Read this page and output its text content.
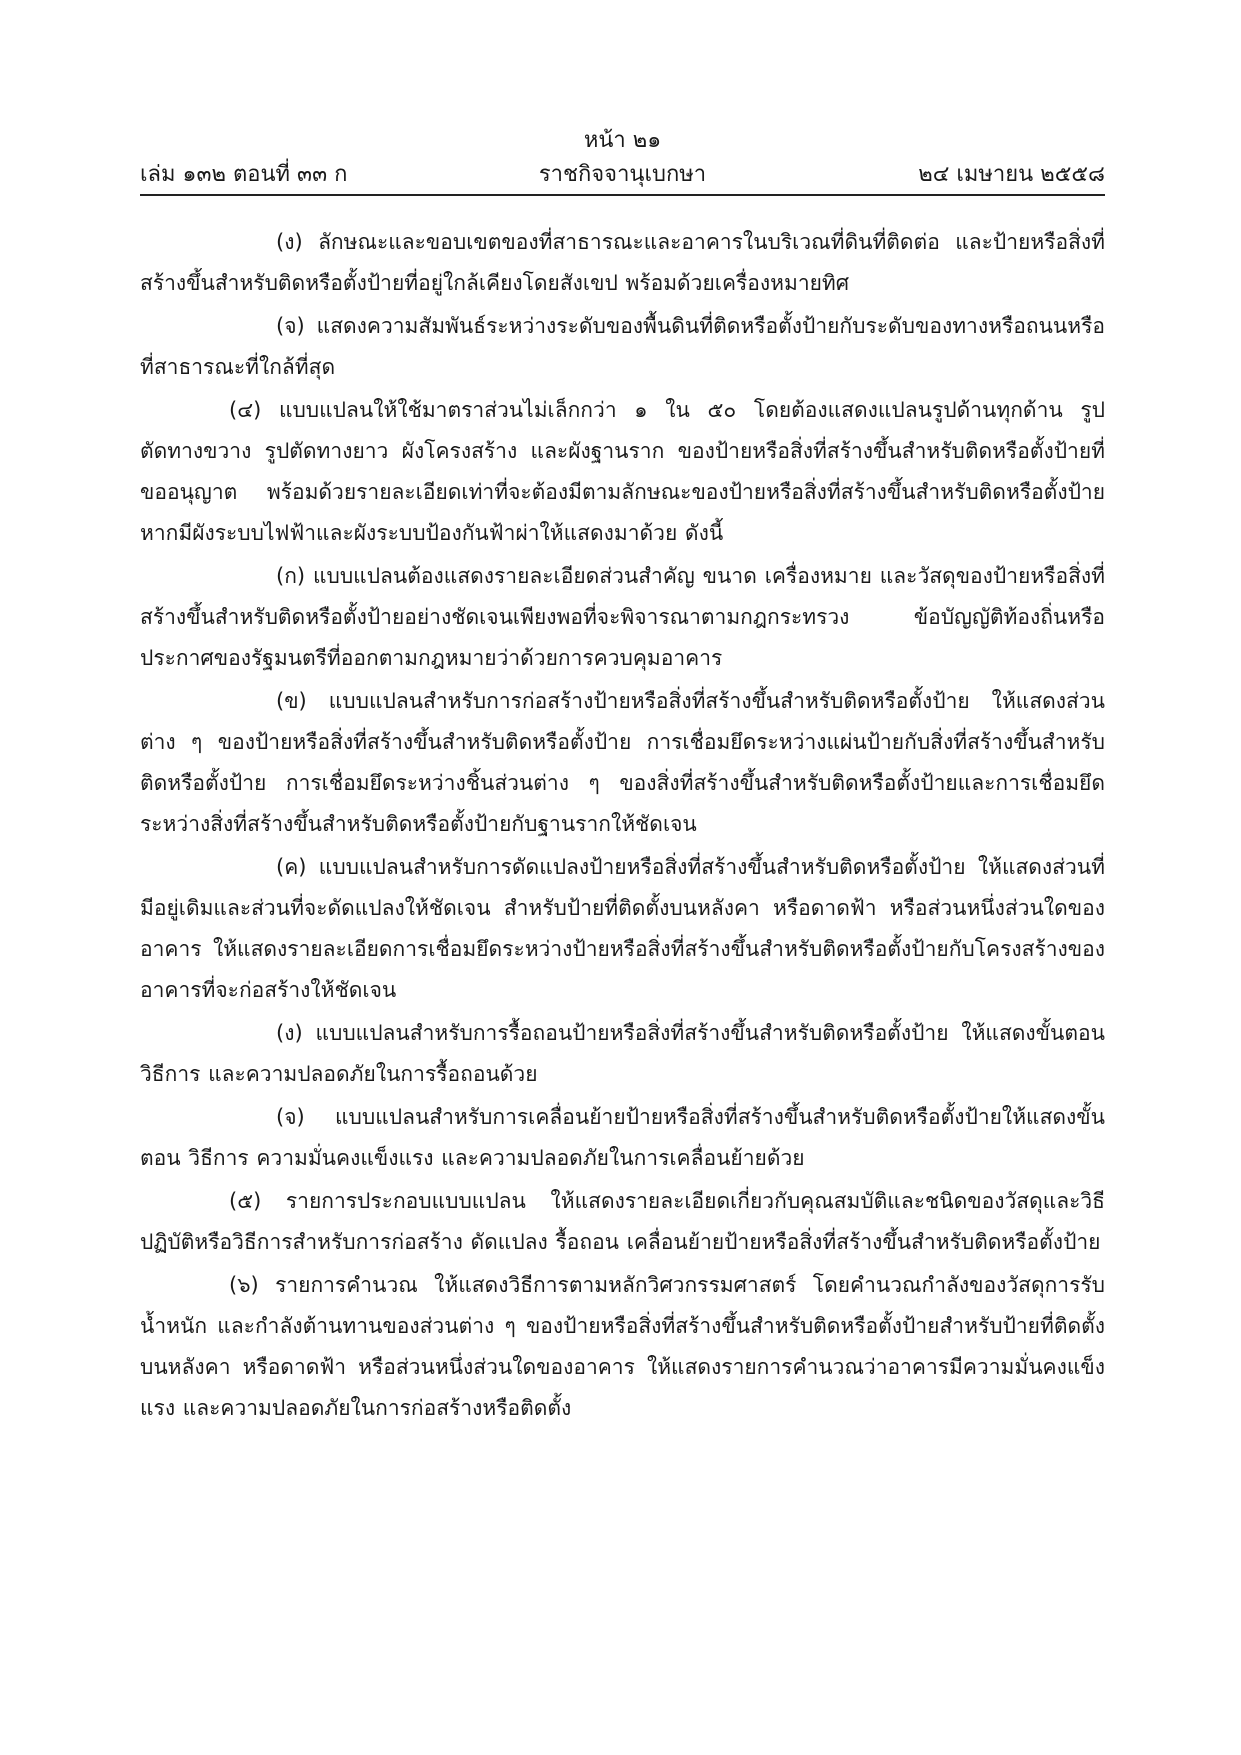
หน้า ๒๑
เล่ม ๑๓๒ ตอนที่ ๓๓ ก	ราชกิจจานุเบกษา	๒๔ เมษายน ๒๕๕๘

(ง) ลักษณะและขอบเขตของที่สาธารณะและอาคารในบริเวณที่ดินที่ติดต่อ และป้ายหรือสิ่งที่สร้างขึ้นสำหรับติดหรือตั้งป้ายที่อยู่ใกล้เคียงโดยสังเขป พร้อมด้วยเครื่องหมายทิศ

(จ) แสดงความสัมพันธ์ระหว่างระดับของพื้นดินที่ติดหรือตั้งป้ายกับระดับของทางหรือถนนหรือที่สาธารณะที่ใกล้ที่สุด

(๔) แบบแปลนให้ใช้มาตราส่วนไม่เล็กกว่า ๑ ใน ๕๐ โดยต้องแสดงแปลนรูปด้านทุกด้าน รูปตัดทางขวาง รูปตัดทางยาว ผังโครงสร้าง และผังฐานราก ของป้ายหรือสิ่งที่สร้างขึ้นสำหรับติดหรือตั้งป้ายที่ขออนุญาต พร้อมด้วยรายละเอียดเท่าที่จะต้องมีตามลักษณะของป้ายหรือสิ่งที่สร้างขึ้นสำหรับติดหรือตั้งป้าย หากมีผังระบบไฟฟ้าและผังระบบป้องกันฟ้าผ่าให้แสดงมาด้วย ดังนี้

(ก) แบบแปลนต้องแสดงรายละเอียดส่วนสำคัญ ขนาด เครื่องหมาย และวัสดุของป้ายหรือสิ่งที่สร้างขึ้นสำหรับติดหรือตั้งป้ายอย่างชัดเจนเพียงพอที่จะพิจารณาตามกฎกระทรวง ข้อบัญญัติท้องถิ่นหรือประกาศของรัฐมนตรีที่ออกตามกฎหมายว่าด้วยการควบคุมอาคาร

(ข) แบบแปลนสำหรับการก่อสร้างป้ายหรือสิ่งที่สร้างขึ้นสำหรับติดหรือตั้งป้าย ให้แสดงส่วนต่าง ๆ ของป้ายหรือสิ่งที่สร้างขึ้นสำหรับติดหรือตั้งป้าย การเชื่อมยึดระหว่างแผ่นป้ายกับสิ่งที่สร้างขึ้นสำหรับติดหรือตั้งป้าย การเชื่อมยึดระหว่างชิ้นส่วนต่าง ๆ ของสิ่งที่สร้างขึ้นสำหรับติดหรือตั้งป้ายและการเชื่อมยึดระหว่างสิ่งที่สร้างขึ้นสำหรับติดหรือตั้งป้ายกับฐานรากให้ชัดเจน

(ค) แบบแปลนสำหรับการดัดแปลงป้ายหรือสิ่งที่สร้างขึ้นสำหรับติดหรือตั้งป้าย ให้แสดงส่วนที่มีอยู่เดิมและส่วนที่จะดัดแปลงให้ชัดเจน สำหรับป้ายที่ติดตั้งบนหลังคา หรือดาดฟ้า หรือส่วนหนึ่งส่วนใดของอาคาร ให้แสดงรายละเอียดการเชื่อมยึดระหว่างป้ายหรือสิ่งที่สร้างขึ้นสำหรับติดหรือตั้งป้ายกับโครงสร้างของอาคารที่จะก่อสร้างให้ชัดเจน

(ง) แบบแปลนสำหรับการรื้อถอนป้ายหรือสิ่งที่สร้างขึ้นสำหรับติดหรือตั้งป้าย ให้แสดงขั้นตอน วิธีการ และความปลอดภัยในการรื้อถอนด้วย

(จ) แบบแปลนสำหรับการเคลื่อนย้ายป้ายหรือสิ่งที่สร้างขึ้นสำหรับติดหรือตั้งป้ายให้แสดงขั้นตอน วิธีการ ความมั่นคงแข็งแรง และความปลอดภัยในการเคลื่อนย้ายด้วย

(๕) รายการประกอบแบบแปลน ให้แสดงรายละเอียดเกี่ยวกับคุณสมบัติและชนิดของวัสดุและวิธีปฏิบัติหรือวิธีการสำหรับการก่อสร้าง ดัดแปลง รื้อถอน เคลื่อนย้ายป้ายหรือสิ่งที่สร้างขึ้นสำหรับติดหรือตั้งป้าย

(๖) รายการคำนวณ ให้แสดงวิธีการตามหลักวิศวกรรมศาสตร์ โดยคำนวณกำลังของวัสดุการรับน้ำหนัก และกำลังต้านทานของส่วนต่าง ๆ ของป้ายหรือสิ่งที่สร้างขึ้นสำหรับติดหรือตั้งป้ายสำหรับป้ายที่ติดตั้งบนหลังคา หรือดาดฟ้า หรือส่วนหนึ่งส่วนใดของอาคาร ให้แสดงรายการคำนวณว่าอาคารมีความมั่นคงแข็งแรง และความปลอดภัยในการก่อสร้างหรือติดตั้ง
